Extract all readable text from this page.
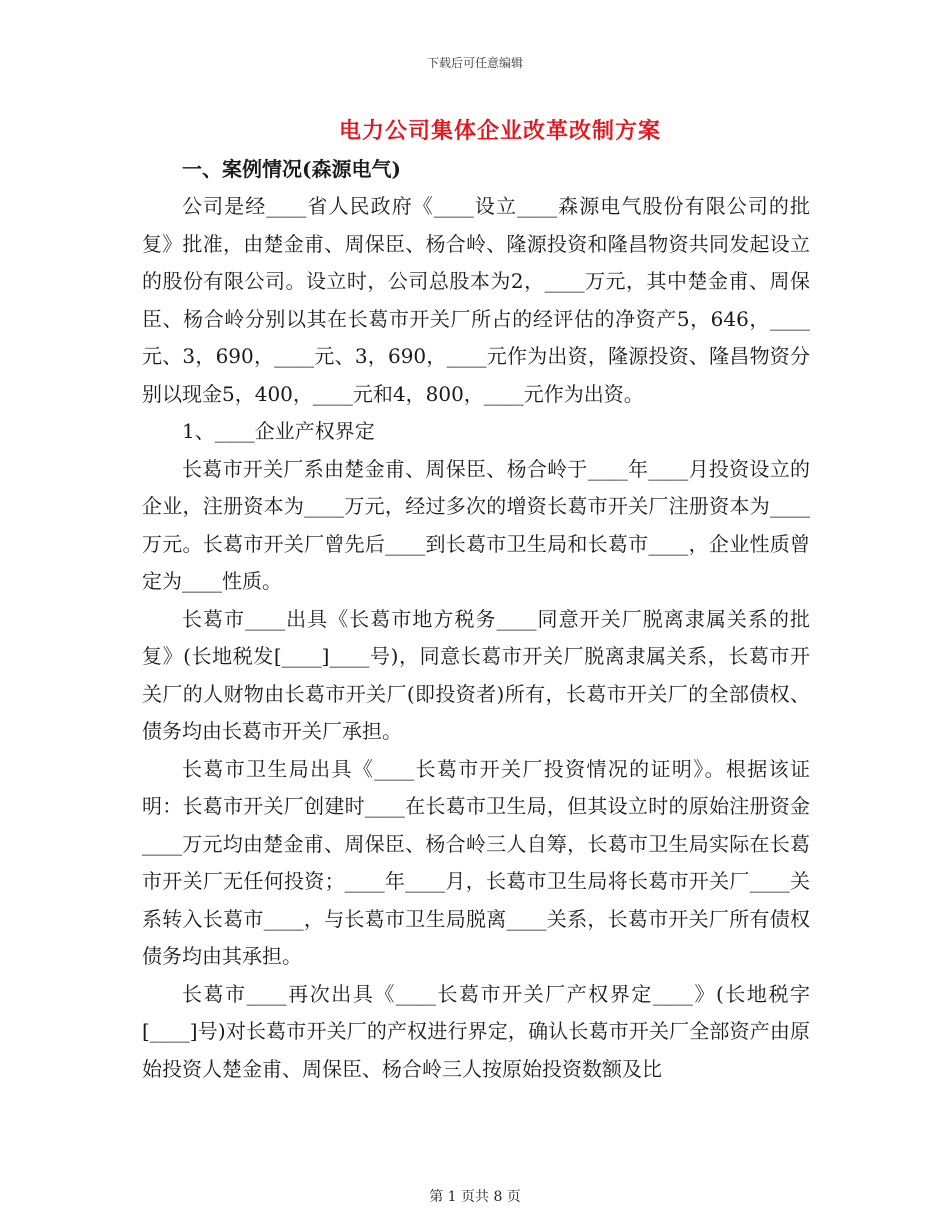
下载后可任意编辑
电力公司集体企业改革改制方案
一、案例情况(森源电气)

公司是经____省人民政府《____设立____森源电气股份有限公司的批复》批准，由楚金甫、周保臣、杨合岭、隆源投资和隆昌物资共同发起设立的股份有限公司。设立时，公司总股本为2，____万元，其中楚金甫、周保臣、杨合岭分别以其在长葛市开关厂所占的经评估的净资产5，646，____元、3，690，____元、3，690，____元作为出资，隆源投资、隆昌物资分别以现金5，400，____元和4，800，____元作为出资。

1、____企业产权界定

长葛市开关厂系由楚金甫、周保臣、杨合岭于____年____月投资设立的企业，注册资本为____万元，经过多次的增资长葛市开关厂注册资本为____万元。长葛市开关厂曾先后____到长葛市卫生局和长葛市____，企业性质曾定为____性质。

长葛市____出具《长葛市地方税务____同意开关厂脱离隶属关系的批复》(长地税发[____]____号)，同意长葛市开关厂脱离隶属关系，长葛市开关厂的人财物由长葛市开关厂(即投资者)所有，长葛市开关厂的全部债权、债务均由长葛市开关厂承担。

长葛市卫生局出具《____长葛市开关厂投资情况的证明》。根据该证明：长葛市开关厂创建时____在长葛市卫生局，但其设立时的原始注册资金____万元均由楚金甫、周保臣、杨合岭三人自筹，长葛市卫生局实际在长葛市开关厂无任何投资；____年____月，长葛市卫生局将长葛市开关厂____关系转入长葛市____，与长葛市卫生局脱离____关系，长葛市开关厂所有债权债务均由其承担。

长葛市____再次出具《____长葛市开关厂产权界定____》(长地税字[____]号)对长葛市开关厂的产权进行界定，确认长葛市开关厂全部资产由原始投资人楚金甫、周保臣、杨合岭三人按原始投资数额及比

第 1 页共 8 页
